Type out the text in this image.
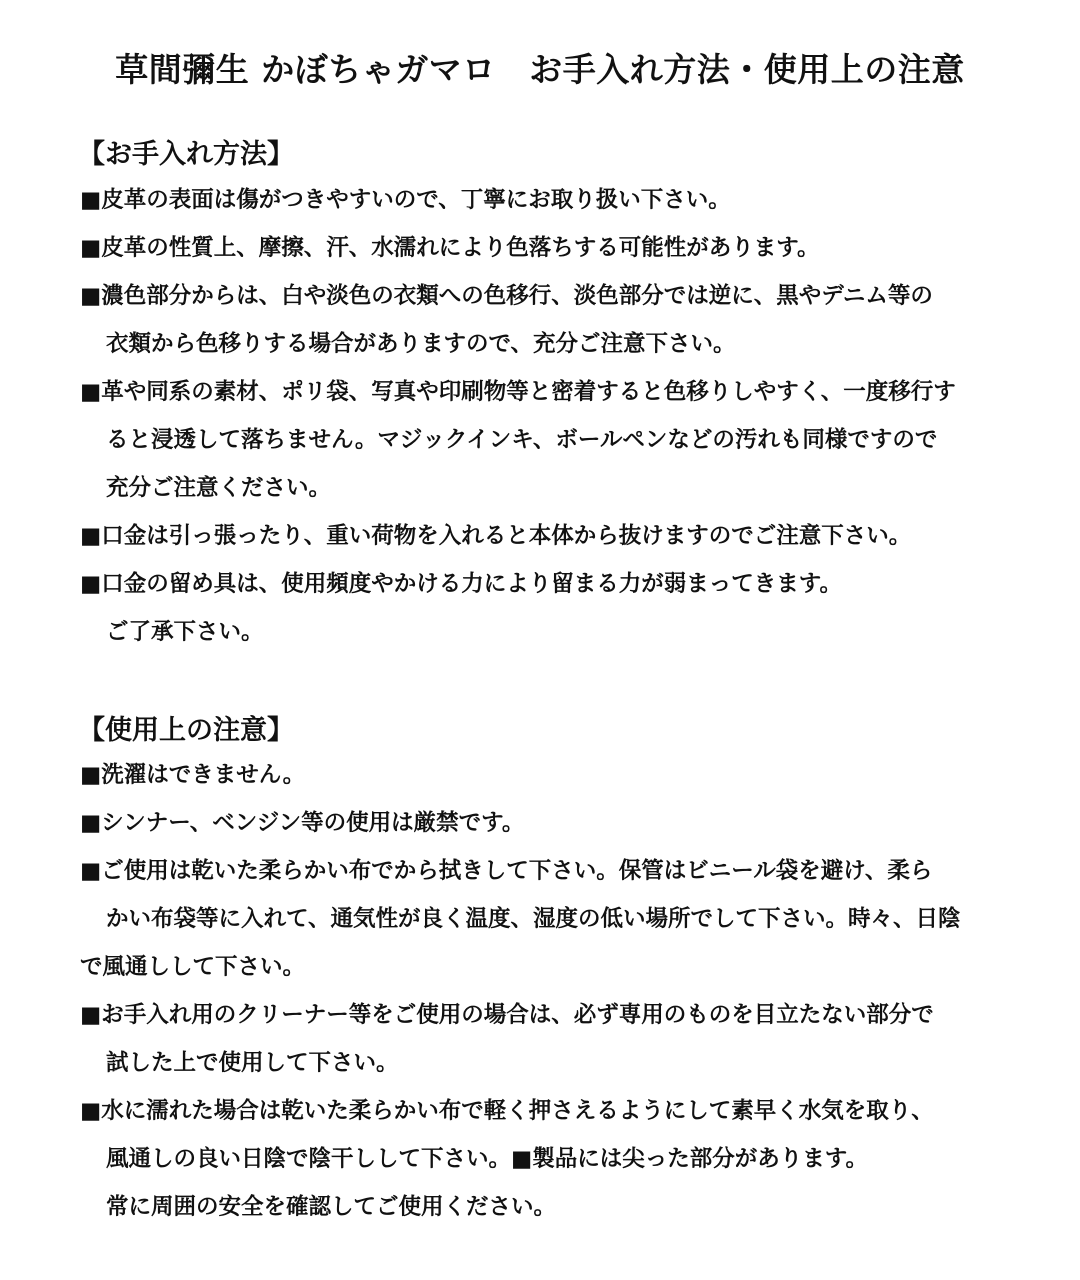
草間彌生 かぼちゃガマロ　お手入れ方法・使用上の注意
【お手入れ方法】
■皮革の表面は傷がつきやすいので、丁寧にお取り扱い下さい。
■皮革の性質上、摩擦、汗、水濡れにより色落ちする可能性があります。
■濃色部分からは、白や淡色の衣類への色移行、淡色部分では逆に、黒やデニム等の
衣類から色移りする場合がありますので、充分ご注意下さい。
■革や同系の素材、ポリ袋、写真や印刷物等と密着すると色移りしやすく、一度移行す
ると浸透して落ちません。マジックインキ、ボールペンなどの汚れも同様ですので
充分ご注意ください。
■口金は引っ張ったり、重い荷物を入れると本体から抜けますのでご注意下さい。
■口金の留め具は、使用頻度やかける力により留まる力が弱まってきます。
ご了承下さい。
【使用上の注意】
■洗濯はできません。
■シンナー、ベンジン等の使用は厳禁です。
■ご使用は乾いた柔らかい布でから拭きして下さい。保管はビニール袋を避け、柔ら
かい布袋等に入れて、通気性が良く温度、湿度の低い場所でして下さい。時々、日陰
で風通しして下さい。
■お手入れ用のクリーナー等をご使用の場合は、必ず専用のものを目立たない部分で
試した上で使用して下さい。
■水に濡れた場合は乾いた柔らかい布で軽く押さえるようにして素早く水気を取り、
風通しの良い日陰で陰干しして下さい。■製品には尖った部分があります。
常に周囲の安全を確認してご使用ください。
